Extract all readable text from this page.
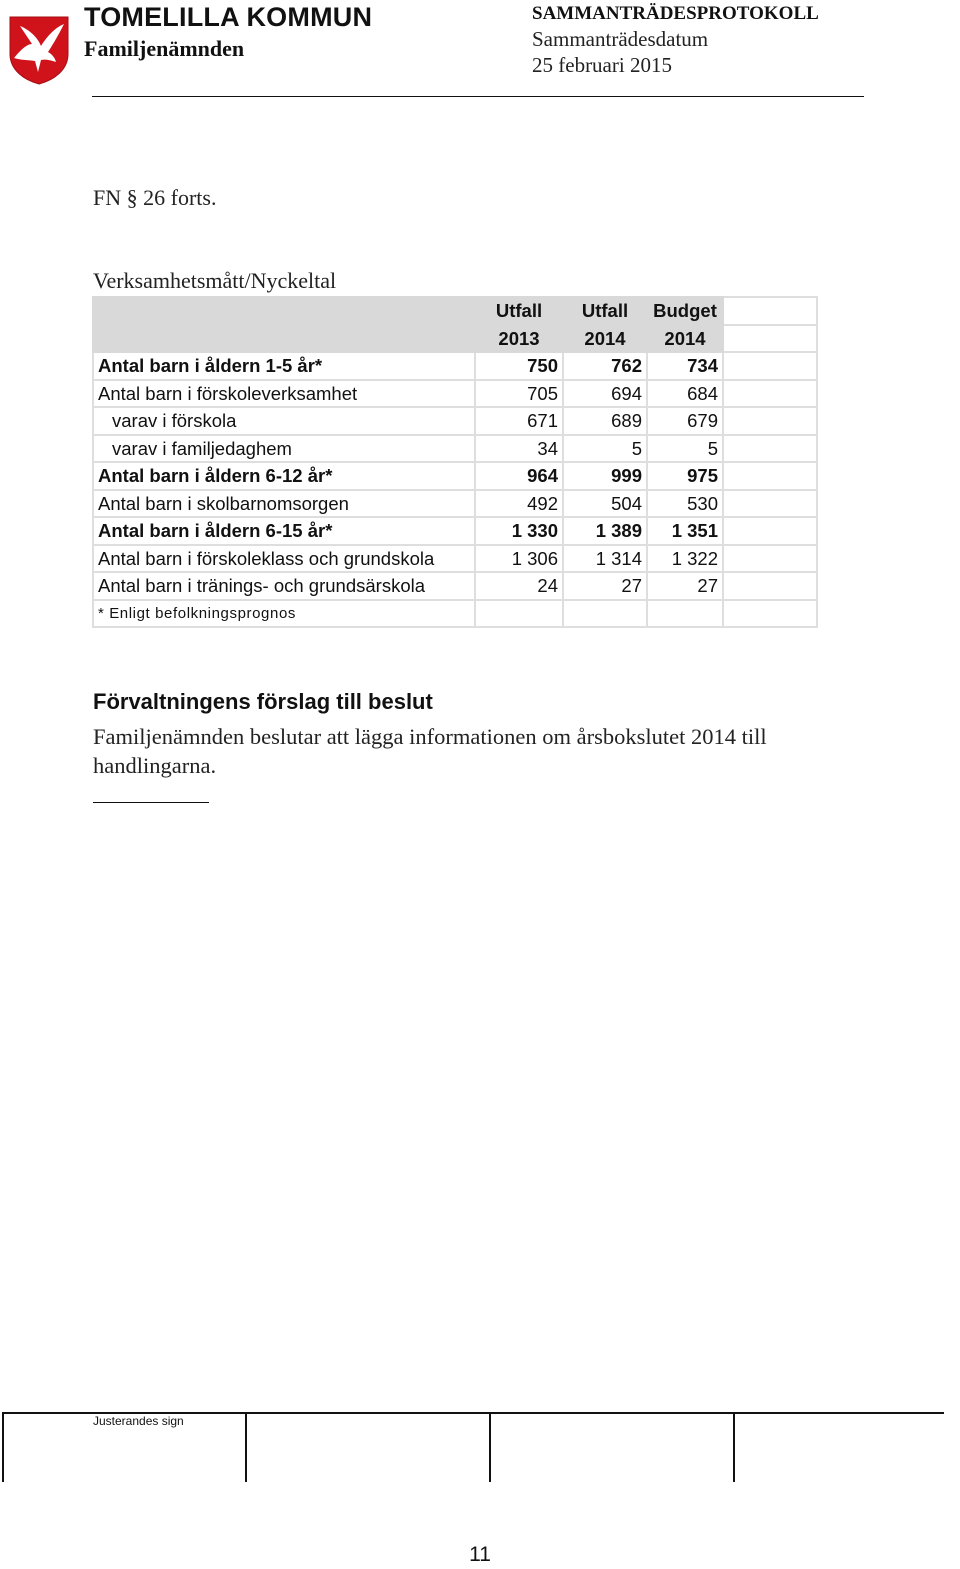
TOMELILLA KOMMUN
Familjenämnden
SAMMANTRÄDESPROTOKOLL
Sammanträdesdatum
25 februari 2015
FN § 26 forts.
Verksamhetsmått/Nyckeltal
	Utfall	Utfall	Budget	
	2013	2014	2014	
Antal barn i åldern 1-5 år*	750	762	734	
Antal barn i förskoleverksamhet	705	694	684	
varav i förskola	671	689	679	
varav i familjedaghem	34	5	5	
Antal barn i åldern 6-12 år*	964	999	975	
Antal barn i skolbarnomsorgen	492	504	530	
Antal barn i åldern 6-15 år*	1 330	1 389	1 351	
Antal barn i förskoleklass och grundskola	1 306	1 314	1 322	
Antal barn i tränings- och grundsärskola	24	27	27	
* Enligt befolkningsprognos				
Förvaltningens förslag till beslut
Familjenämnden beslutar att lägga informationen om årsbokslutet 2014 till handlingarna.
Justerandes sign
11
